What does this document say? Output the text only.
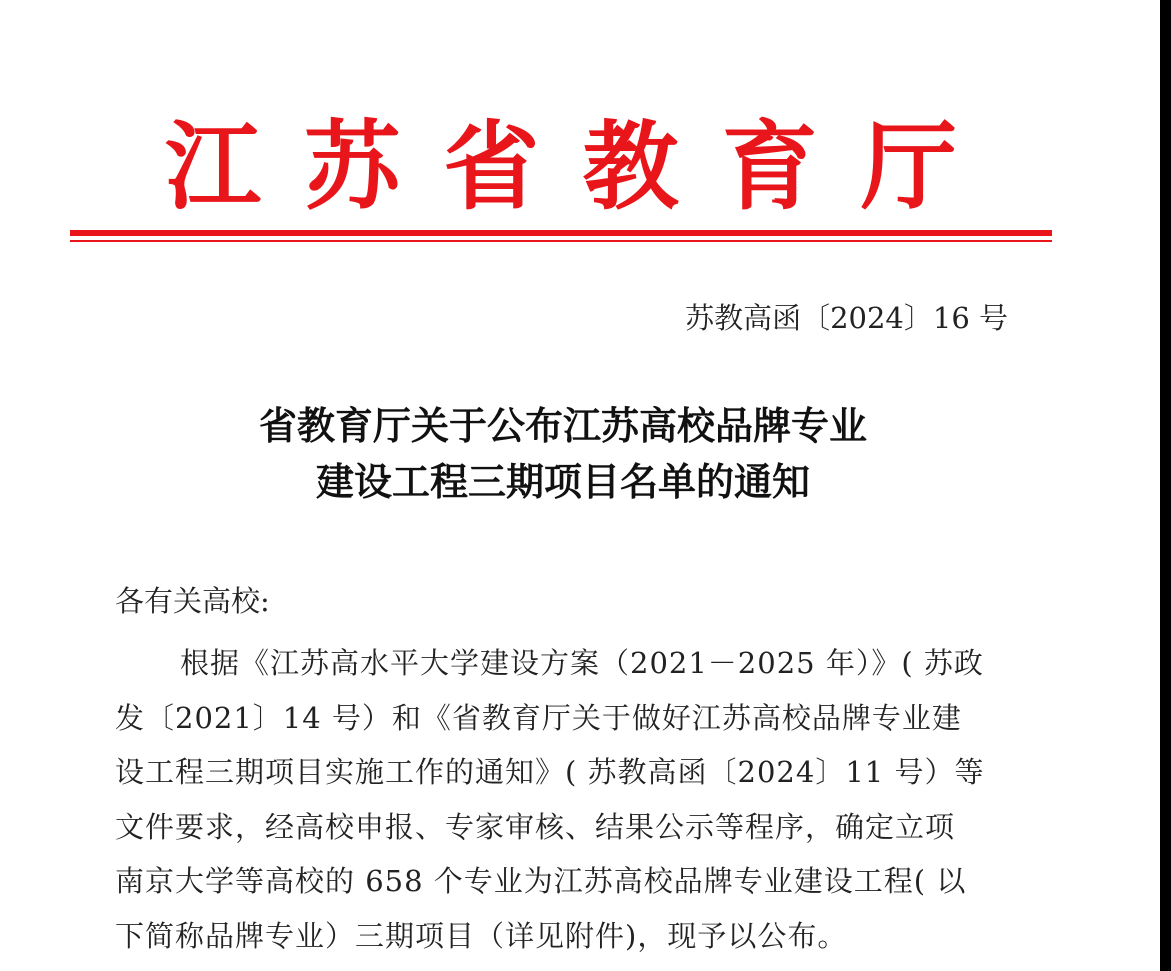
江 苏 省 教 育 厅
苏教高函〔2024〕16 号
省教育厅关于公布江苏高校品牌专业
建设工程三期项目名单的通知
各有关高校:
根据《江苏高水平大学建设方案（2021－2025 年）》( 苏政
发〔2021〕14 号）和《省教育厅关于做好江苏高校品牌专业建
设工程三期项目实施工作的通知》( 苏教高函〔2024〕11 号）等
文件要求，经高校申报、专家审核、结果公示等程序，确定立项
南京大学等高校的 658 个专业为江苏高校品牌专业建设工程( 以
下简称品牌专业）三期项目（详见附件)，现予以公布。
